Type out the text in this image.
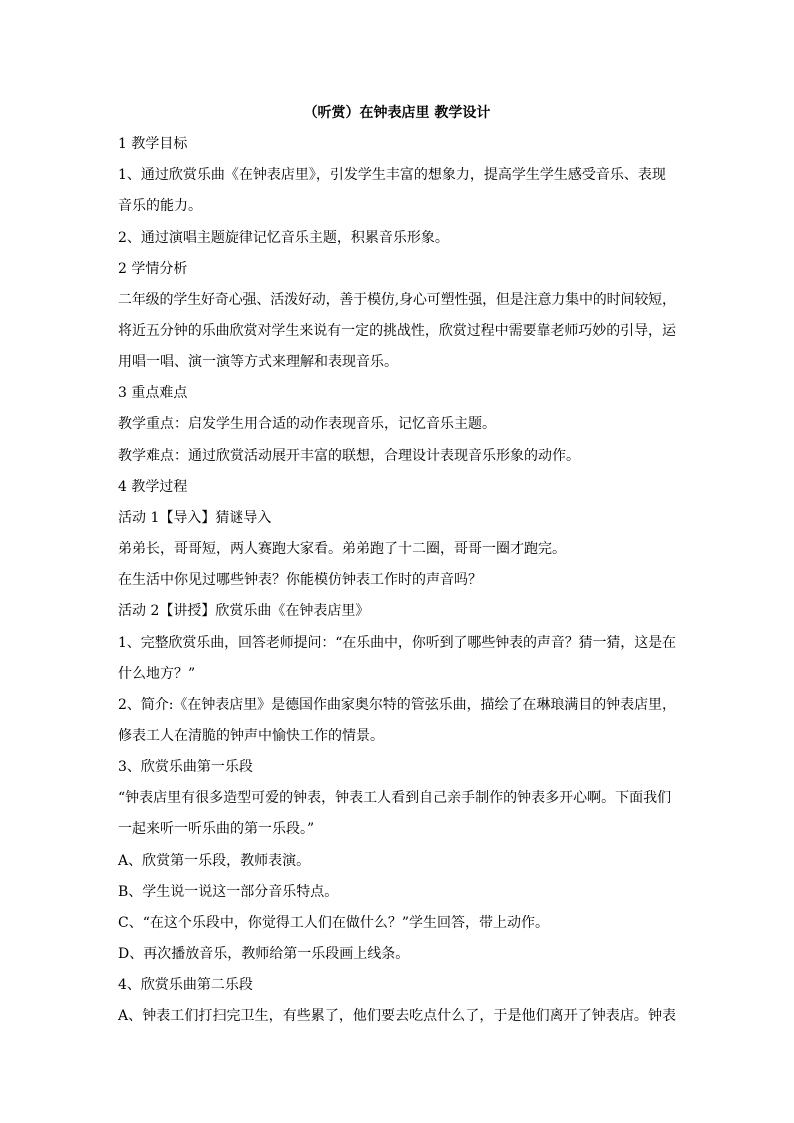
（听赏）在钟表店里 教学设计
1 教学目标
1、通过欣赏乐曲《在钟表店里》，引发学生丰富的想象力，提高学生学生感受音乐、表现
音乐的能力。
2、通过演唱主题旋律记忆音乐主题，积累音乐形象。
2 学情分析
二年级的学生好奇心强、活泼好动，善于模仿,身心可塑性强，但是注意力集中的时间较短，
将近五分钟的乐曲欣赏对学生来说有一定的挑战性，欣赏过程中需要靠老师巧妙的引导，运
用唱一唱、演一演等方式来理解和表现音乐。
3 重点难点
教学重点：启发学生用合适的动作表现音乐，记忆音乐主题。
教学难点：通过欣赏活动展开丰富的联想，合理设计表现音乐形象的动作。
4 教学过程
活动 1【导入】猜谜导入
弟弟长，哥哥短，两人赛跑大家看。弟弟跑了十二圈，哥哥一圈才跑完。
在生活中你见过哪些钟表？你能模仿钟表工作时的声音吗？
活动 2【讲授】欣赏乐曲《在钟表店里》
1、完整欣赏乐曲，回答老师提问：“在乐曲中，你听到了哪些钟表的声音？猜一猜，这是在
什么地方？”
2、简介:《在钟表店里》是德国作曲家奥尔特的管弦乐曲，描绘了在琳琅满目的钟表店里，
修表工人在清脆的钟声中愉快工作的情景。
3、欣赏乐曲第一乐段
“钟表店里有很多造型可爱的钟表，钟表工人看到自己亲手制作的钟表多开心啊。下面我们
一起来听一听乐曲的第一乐段。”
A、欣赏第一乐段，教师表演。
B、学生说一说这一部分音乐特点。
C、“在这个乐段中，你觉得工人们在做什么？”学生回答，带上动作。
D、再次播放音乐，教师给第一乐段画上线条。
4、欣赏乐曲第二乐段
A、钟表工们打扫完卫生，有些累了，他们要去吃点什么了，于是他们离开了钟表店。钟表
